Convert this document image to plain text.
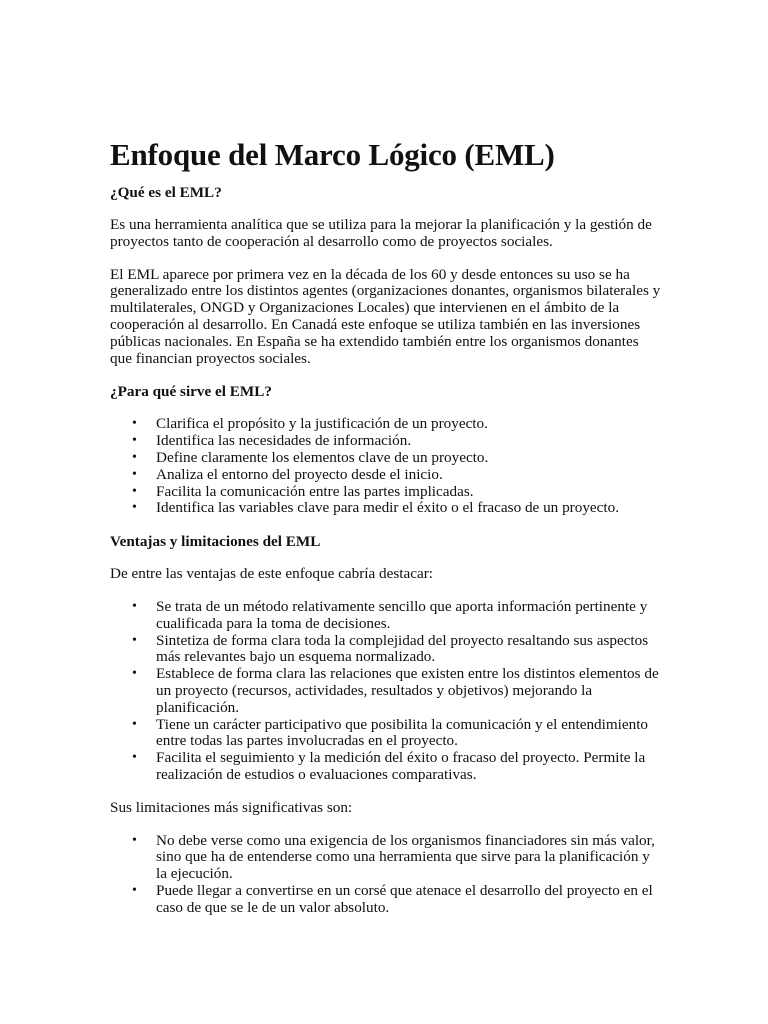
Enfoque del Marco Lógico (EML)
¿Qué es el EML?

Es una herramienta analítica que se utiliza para la mejorar la planificación y la gestión de proyectos tanto de cooperación al desarrollo como de proyectos sociales.

El EML aparece por primera vez en la década de los 60 y desde entonces su uso se ha generalizado entre los distintos agentes (organizaciones donantes, organismos bilaterales y multilaterales, ONGD y Organizaciones Locales) que intervienen en el ámbito de la cooperación al desarrollo. En Canadá este enfoque se utiliza también en las inversiones públicas nacionales. En España se ha extendido también entre los organismos donantes que financian proyectos sociales.

¿Para qué sirve el EML?
• Clarifica el propósito y la justificación de un proyecto.
• Identifica las necesidades de información.
• Define claramente los elementos clave de un proyecto.
• Analiza el entorno del proyecto desde el inicio.
• Facilita la comunicación entre las partes implicadas.
• Identifica las variables clave para medir el éxito o el fracaso de un proyecto.
Ventajas y limitaciones del EML

De entre las ventajas de este enfoque cabría destacar:

• Se trata de un método relativamente sencillo que aporta información pertinente y cualificada para la toma de decisiones.
• Sintetiza de forma clara toda la complejidad del proyecto resaltando sus aspectos más relevantes bajo un esquema normalizado.
• Establece de forma clara las relaciones que existen entre los distintos elementos de un proyecto (recursos, actividades, resultados y objetivos) mejorando la planificación.
• Tiene un carácter participativo que posibilita la comunicación y el entendimiento entre todas las partes involucradas en el proyecto.
• Facilita el seguimiento y la medición del éxito o fracaso del proyecto. Permite la realización de estudios o evaluaciones comparativas.

Sus limitaciones más significativas son:

• No debe verse como una exigencia de los organismos financiadores sin más valor, sino que ha de entenderse como una herramienta que sirve para la planificación y la ejecución.
• Puede llegar a convertirse en un corsé que atenace el desarrollo del proyecto en el caso de que se le de un valor absoluto.
